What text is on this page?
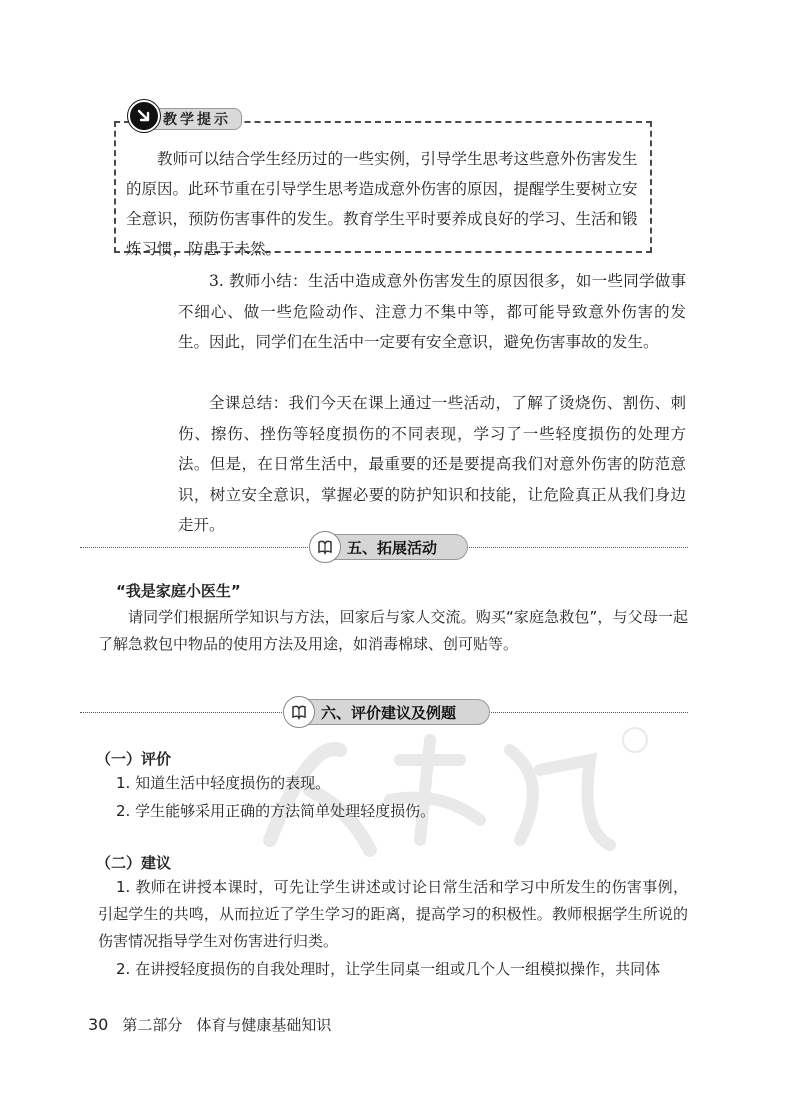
教学提示
教师可以结合学生经历过的一些实例，引导学生思考这些意外伤害发生的原因。此环节重在引导学生思考造成意外伤害的原因，提醒学生要树立安全意识，预防伤害事件的发生。教育学生平时要养成良好的学习、生活和锻炼习惯，防患于未然。
3. 教师小结：生活中造成意外伤害发生的原因很多，如一些同学做事不细心、做一些危险动作、注意力不集中等，都可能导致意外伤害的发生。因此，同学们在生活中一定要有安全意识，避免伤害事故的发生。
全课总结：我们今天在课上通过一些活动，了解了烫烧伤、割伤、刺伤、擦伤、挫伤等轻度损伤的不同表现，学习了一些轻度损伤的处理方法。但是，在日常生活中，最重要的还是要提高我们对意外伤害的防范意识，树立安全意识，掌握必要的防护知识和技能，让危险真正从我们身边走开。
五、拓展活动
“我是家庭小医生”
请同学们根据所学知识与方法，回家后与家人交流。购买“家庭急救包”，与父母一起了解急救包中物品的使用方法及用途，如消毒棉球、创可贴等。
六、评价建议及例题
（一）评价
1. 知道生活中轻度损伤的表现。
2. 学生能够采用正确的方法简单处理轻度损伤。
（二）建议
1. 教师在讲授本课时，可先让学生讲述或讨论日常生活和学习中所发生的伤害事例，引起学生的共鸣，从而拉近了学生学习的距离，提高学习的积极性。教师根据学生所说的伤害情况指导学生对伤害进行归类。
2. 在讲授轻度损伤的自我处理时，让学生同桌一组或几个人一组模拟操作，共同体
30 第二部分 体育与健康基础知识
